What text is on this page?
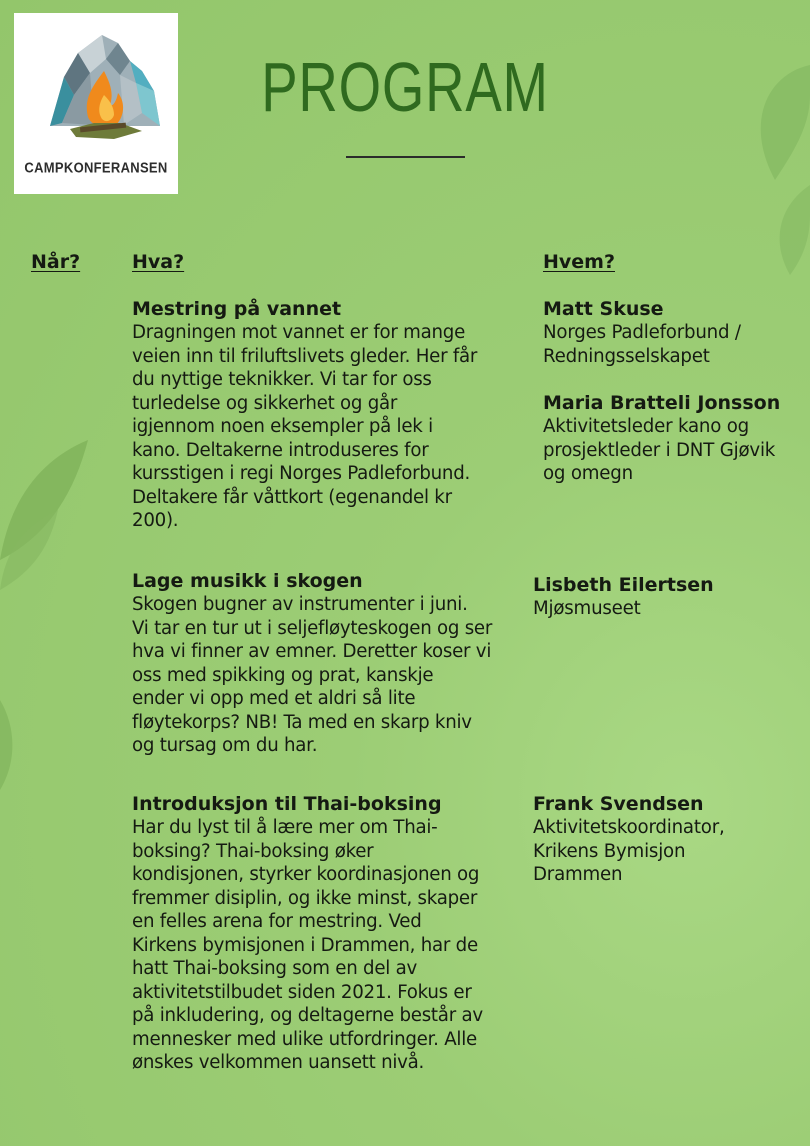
CAMPKONFERANSEN
PROGRAM
Når?	Hva?	Hvem?
Mestring på vannet
Dragningen mot vannet er for mange
veien inn til friluftslivets gleder. Her får
du nyttige teknikker. Vi tar for oss
turledelse og sikkerhet og går
igjennom noen eksempler på lek i
kano. Deltakerne introduseres for
kursstigen i regi Norges Padleforbund.
Deltakere får våttkort (egenandel kr
200).
Matt Skuse
Norges Padleforbund /
Redningsselskapet
Maria Bratteli Jonsson
Aktivitetsleder kano og
prosjektleder i DNT Gjøvik
og omegn
Lage musikk i skogen
Skogen bugner av instrumenter i juni.
Vi tar en tur ut i seljefløyteskogen og ser
hva vi finner av emner. Deretter koser vi
oss med spikking og prat, kanskje
ender vi opp med et aldri så lite
fløytekorps? NB! Ta med en skarp kniv
og tursag om du har.
Lisbeth Eilertsen
Mjøsmuseet
Introduksjon til Thai-boksing
Har du lyst til å lære mer om Thai-
boksing? Thai-boksing øker
kondisjonen, styrker koordinasjonen og
fremmer disiplin, og ikke minst, skaper
en felles arena for mestring. Ved
Kirkens bymisjonen i Drammen, har de
hatt Thai-boksing som en del av
aktivitetstilbudet siden 2021. Fokus er
på inkludering, og deltagerne består av
mennesker med ulike utfordringer. Alle
ønskes velkommen uansett nivå.
Frank Svendsen
Aktivitetskoordinator,
Krikens Bymisjon
Drammen
